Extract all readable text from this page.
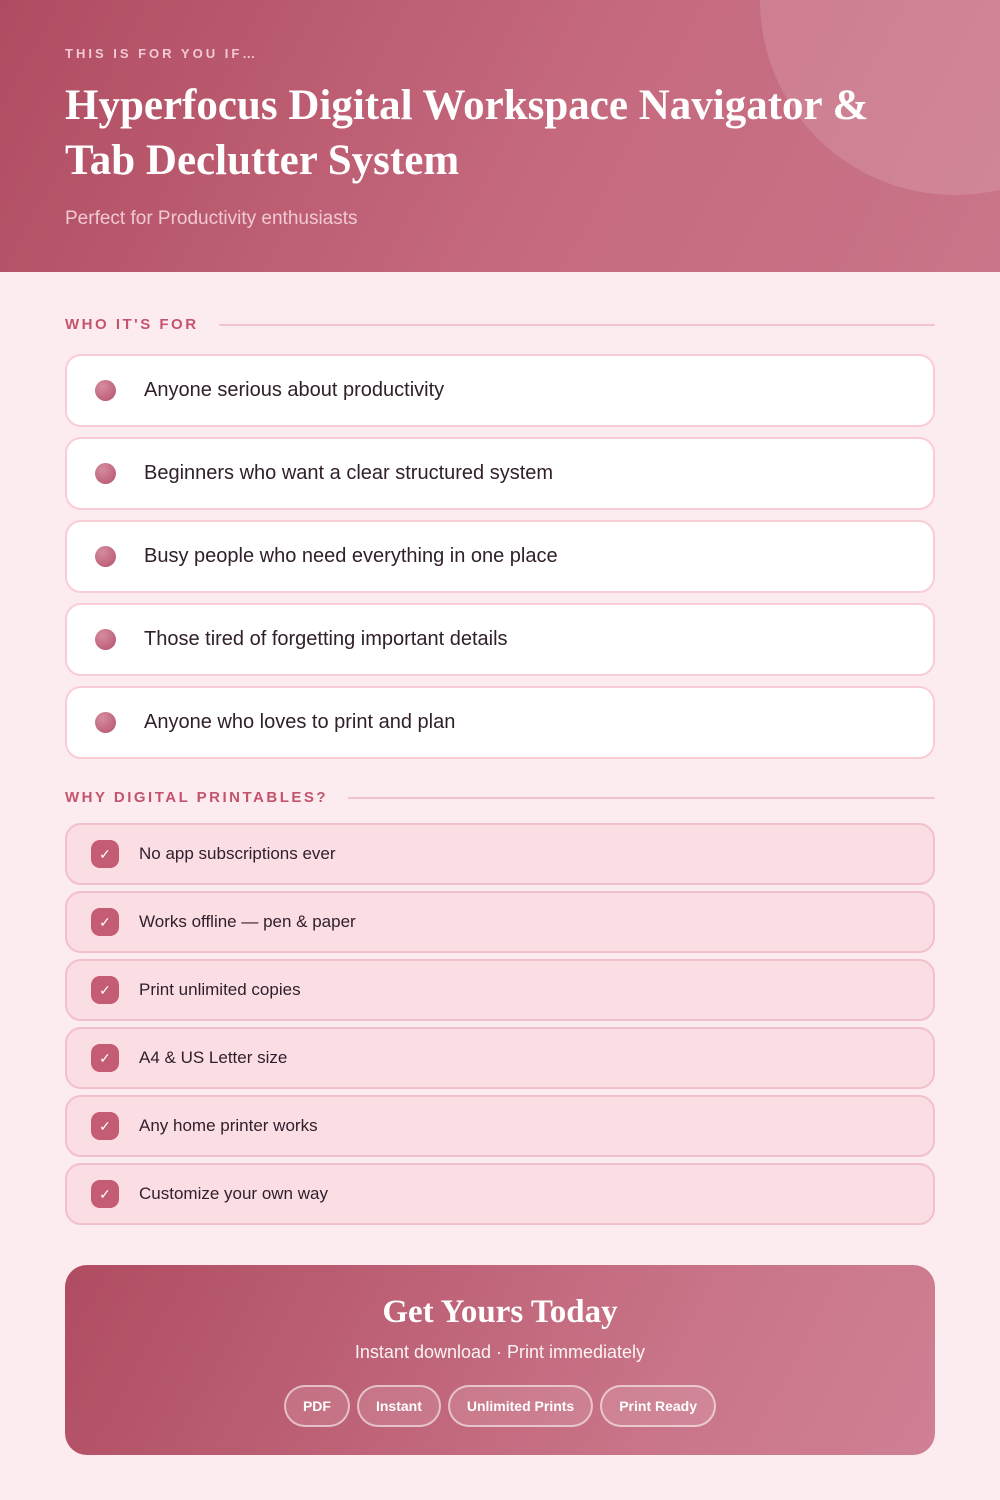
THIS IS FOR YOU IF…
Hyperfocus Digital Workspace Navigator &
Tab Declutter System
Perfect for Productivity enthusiasts
WHO IT'S FOR
Anyone serious about productivity
Beginners who want a clear structured system
Busy people who need everything in one place
Those tired of forgetting important details
Anyone who loves to print and plan
WHY DIGITAL PRINTABLES?
✓	No app subscriptions ever
✓	Works offline — pen & paper
✓	Print unlimited copies
✓	A4 & US Letter size
✓	Any home printer works
✓	Customize your own way
Get Yours Today
Instant download · Print immediately
PDF	Instant	Unlimited Prints	Print Ready
